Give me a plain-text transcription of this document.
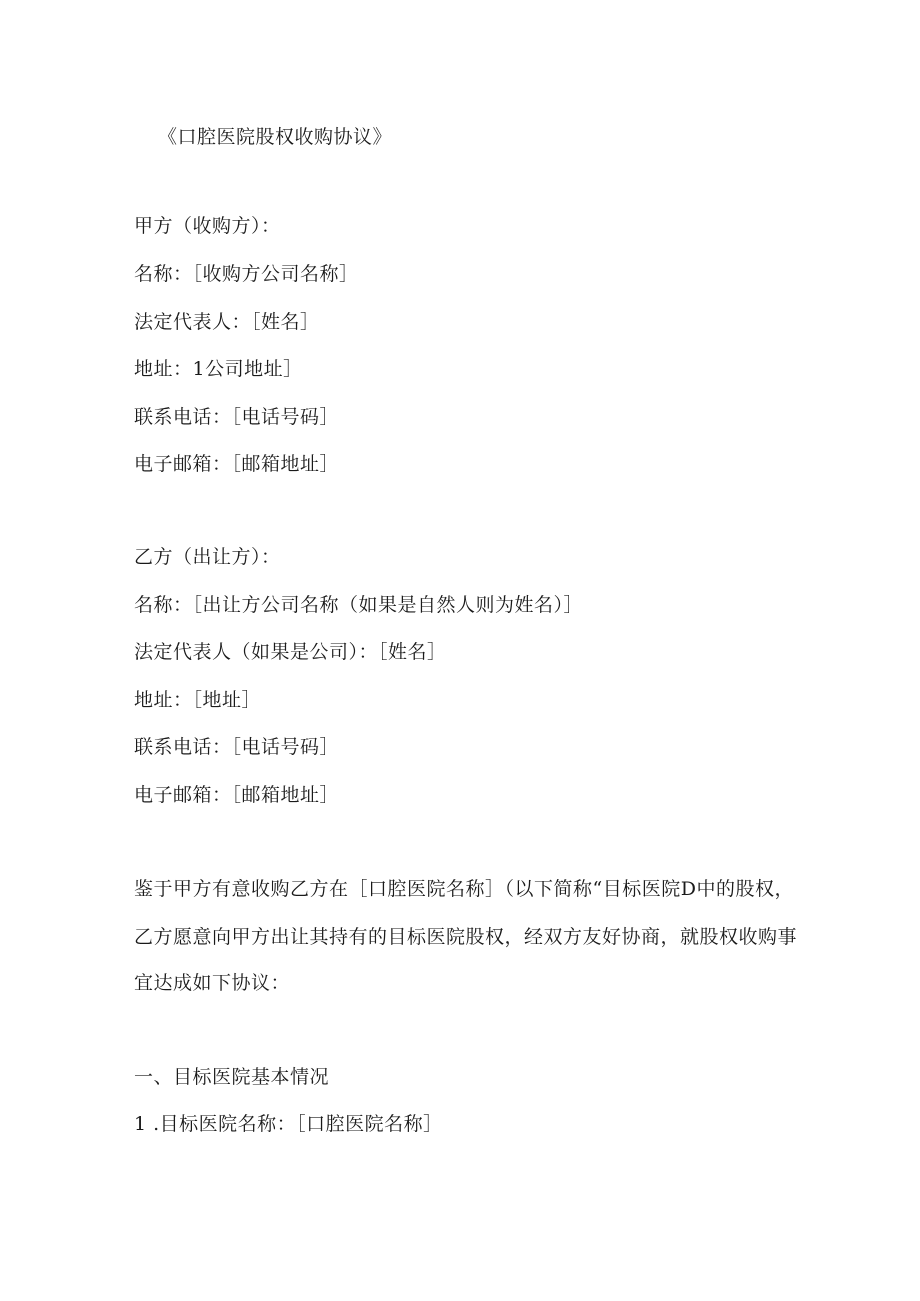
《口腔医院股权收购协议》
甲方（收购方）：
名称：［收购方公司名称］
法定代表人：［姓名］
地址：1公司地址］
联系电话：［电话号码］
电子邮箱：［邮箱地址］
乙方（出让方）：
名称：［出让方公司名称（如果是自然人则为姓名）］
法定代表人（如果是公司）：［姓名］
地址：［地址］
联系电话：［电话号码］
电子邮箱：［邮箱地址］
鉴于甲方有意收购乙方在［口腔医院名称］（以下简称“目标医院D中的股权，
乙方愿意向甲方出让其持有的目标医院股权，经双方友好协商，就股权收购事
宜达成如下协议：
一、目标医院基本情况
1 .目标医院名称：［口腔医院名称］
